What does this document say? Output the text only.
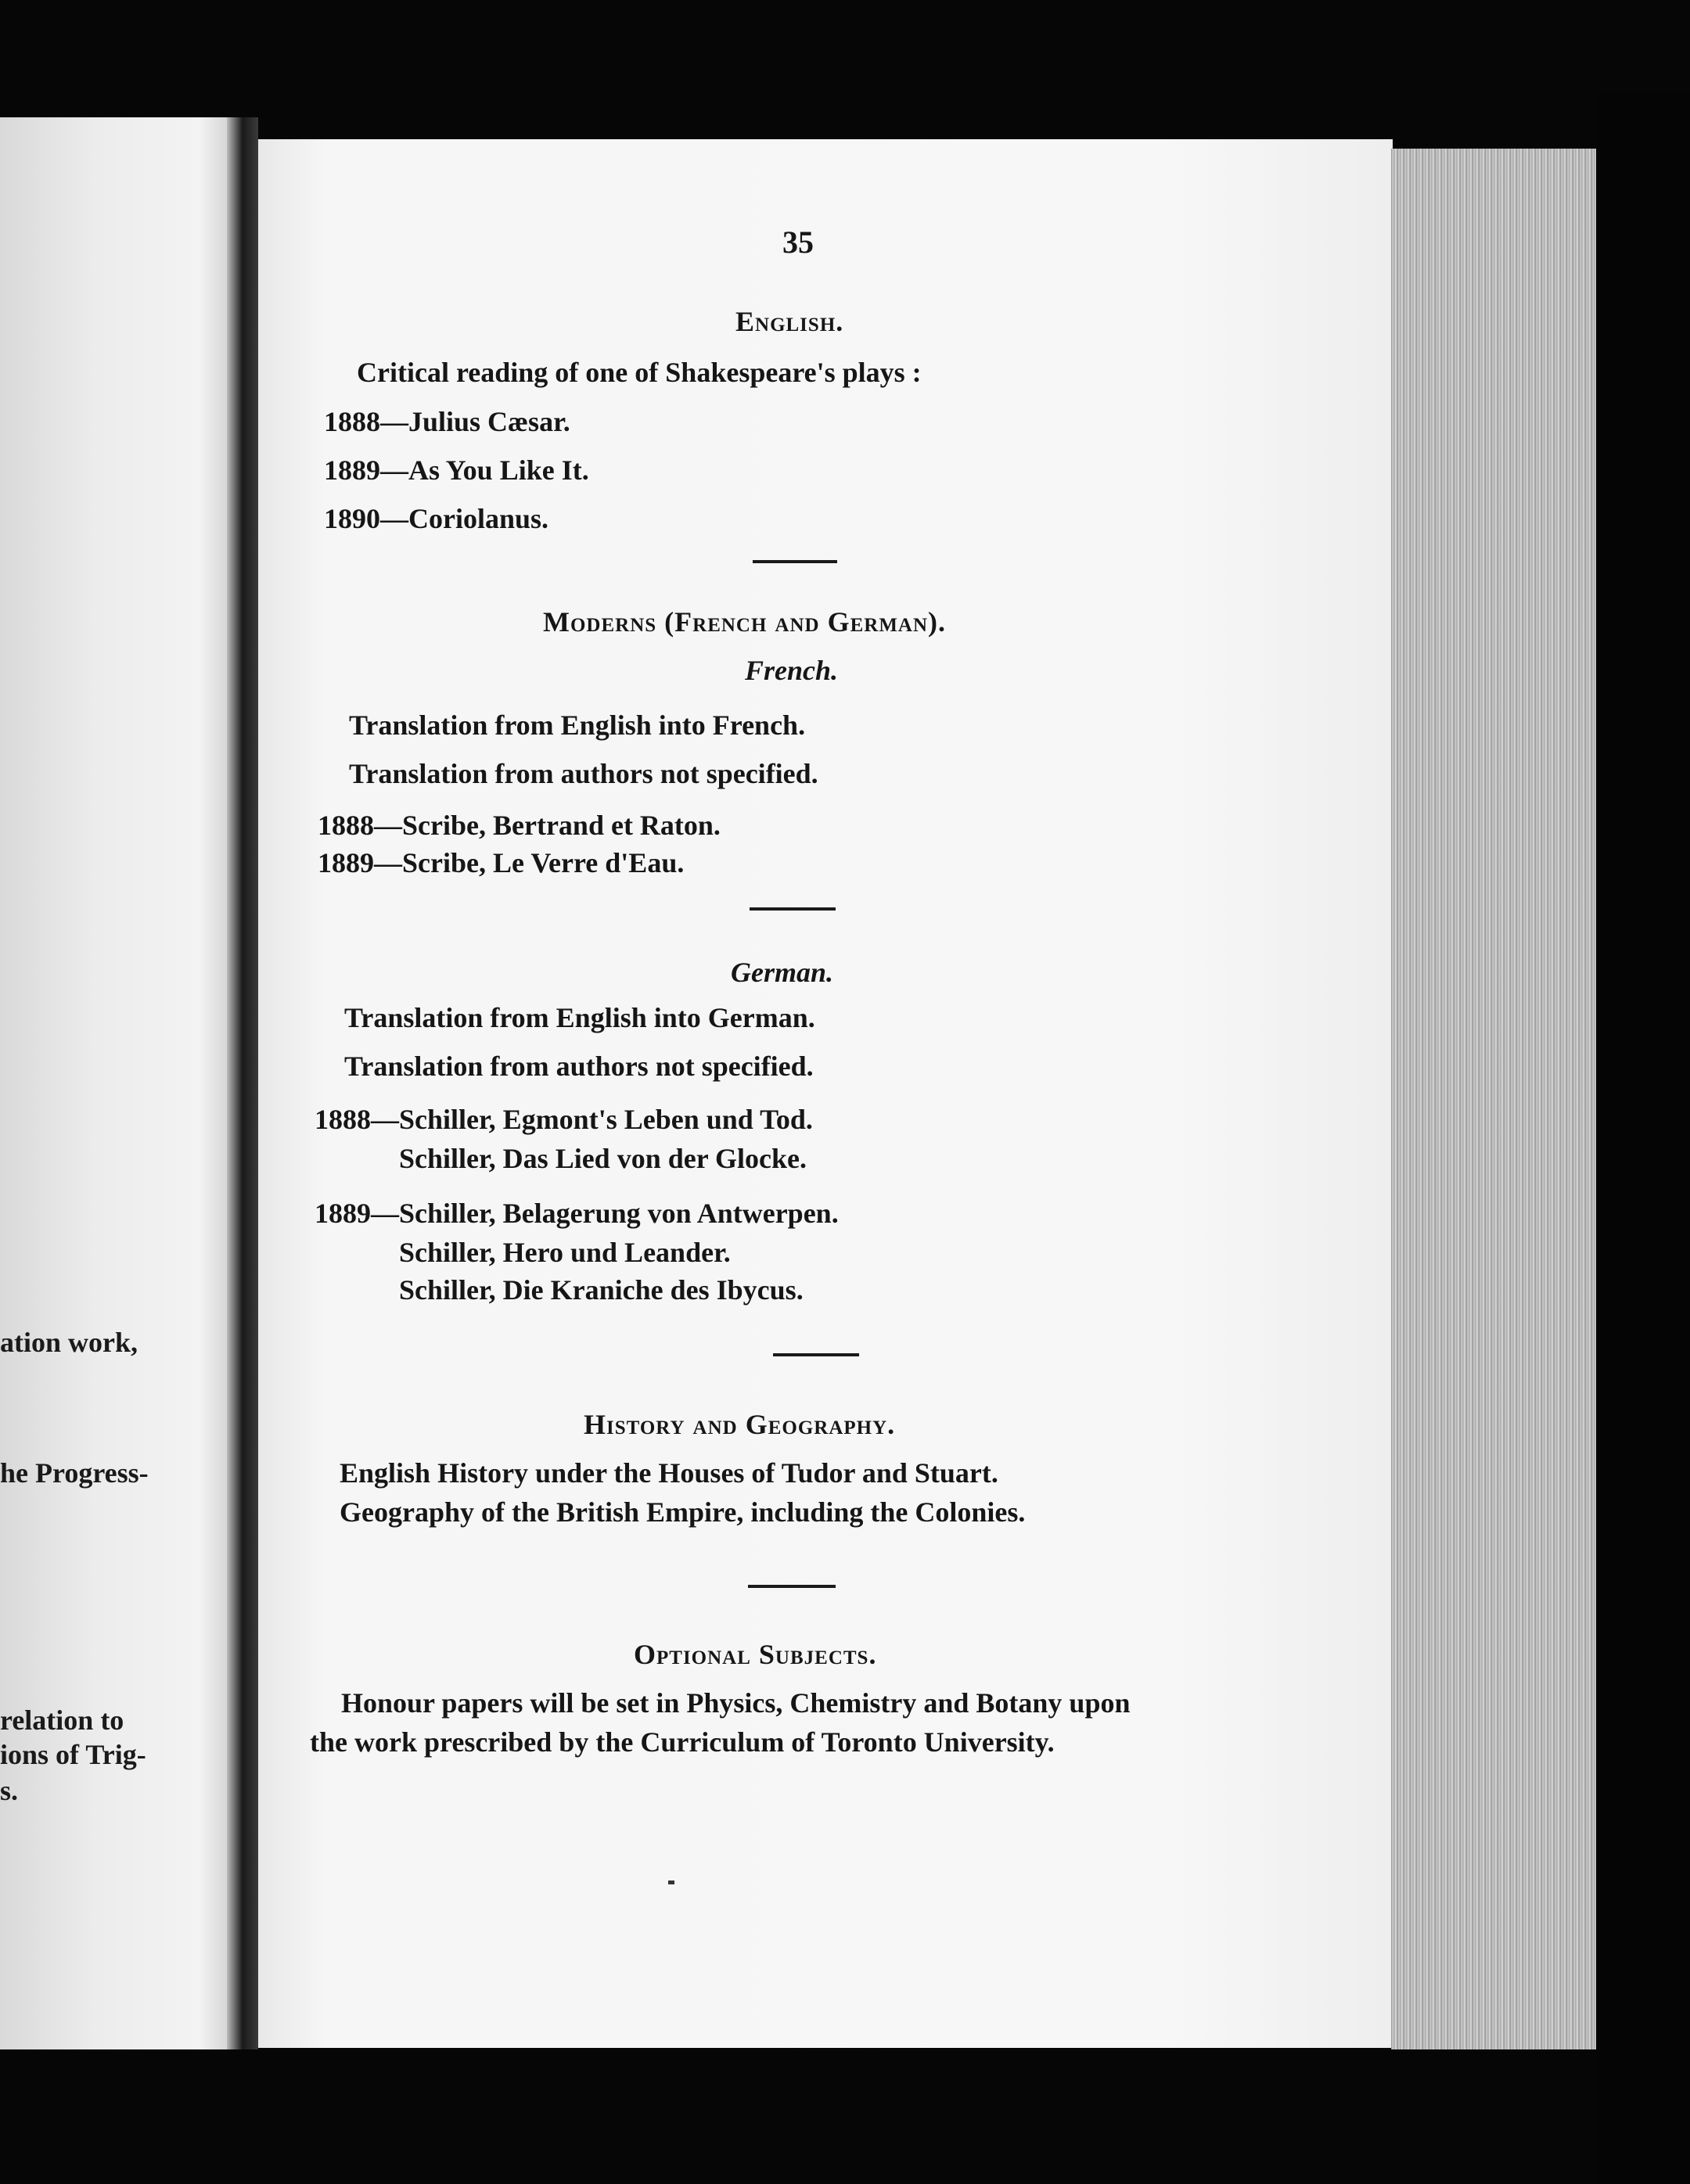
ation work,
he Progress-
relation to
ions of Trig-
s.
35
English.
Critical reading of one of Shakespeare's plays :
1888—Julius Cæsar.
1889—As You Like It.
1890—Coriolanus.
Moderns (French and German).
French.
Translation from English into French.
Translation from authors not specified.
1888—Scribe, Bertrand et Raton.
1889—Scribe, Le Verre d'Eau.
German.
Translation from English into German.
Translation from authors not specified.
1888—Schiller, Egmont's Leben und Tod.
Schiller, Das Lied von der Glocke.
1889—Schiller, Belagerung von Antwerpen.
Schiller, Hero und Leander.
Schiller, Die Kraniche des Ibycus.
History and Geography.
English History under the Houses of Tudor and Stuart.
Geography of the British Empire, including the Colonies.
Optional Subjects.
Honour papers will be set in Physics, Chemistry and Botany upon
the work prescribed by the Curriculum of Toronto University.
